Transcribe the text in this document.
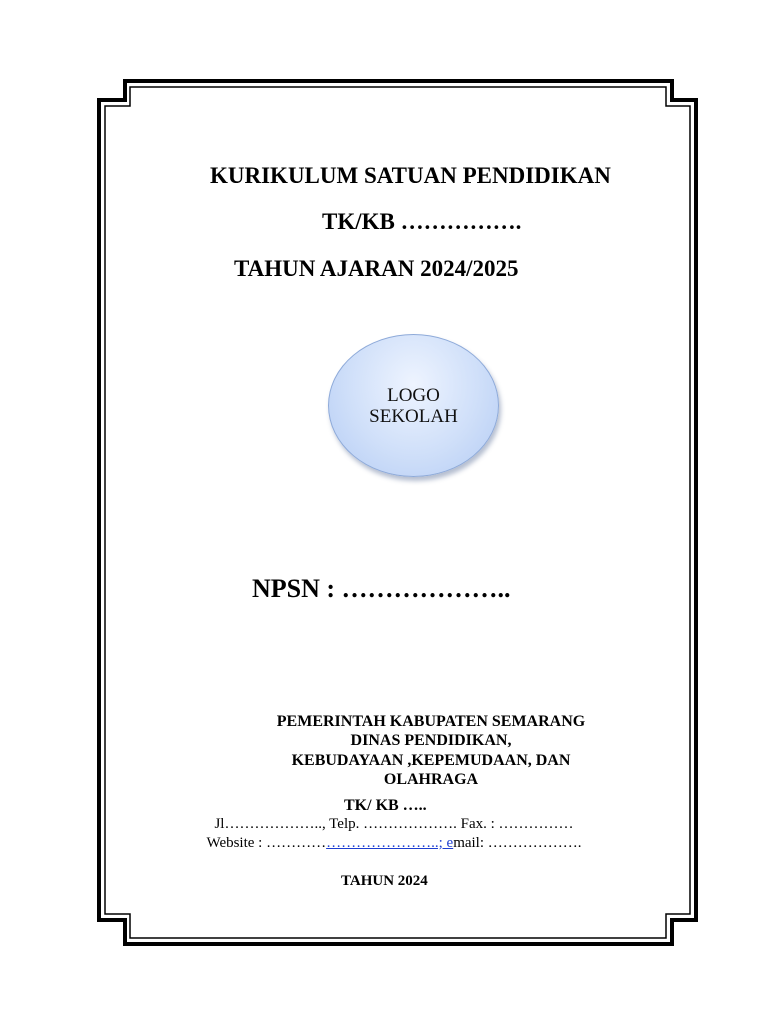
KURIKULUM SATUAN PENDIDIKAN
TK/KB …………….
TAHUN AJARAN 2024/2025
LOGO
SEKOLAH
NPSN : ………………..
PEMERINTAH KABUPATEN SEMARANG
DINAS PENDIDIKAN,
KEBUDAYAAN ,KEPEMUDAAN, DAN
OLAHRAGA
TK/ KB …..
Jl……………….., Telp. ………………. Fax. : ……………
Website : ……………………………..; email: ……………….
TAHUN 2024
